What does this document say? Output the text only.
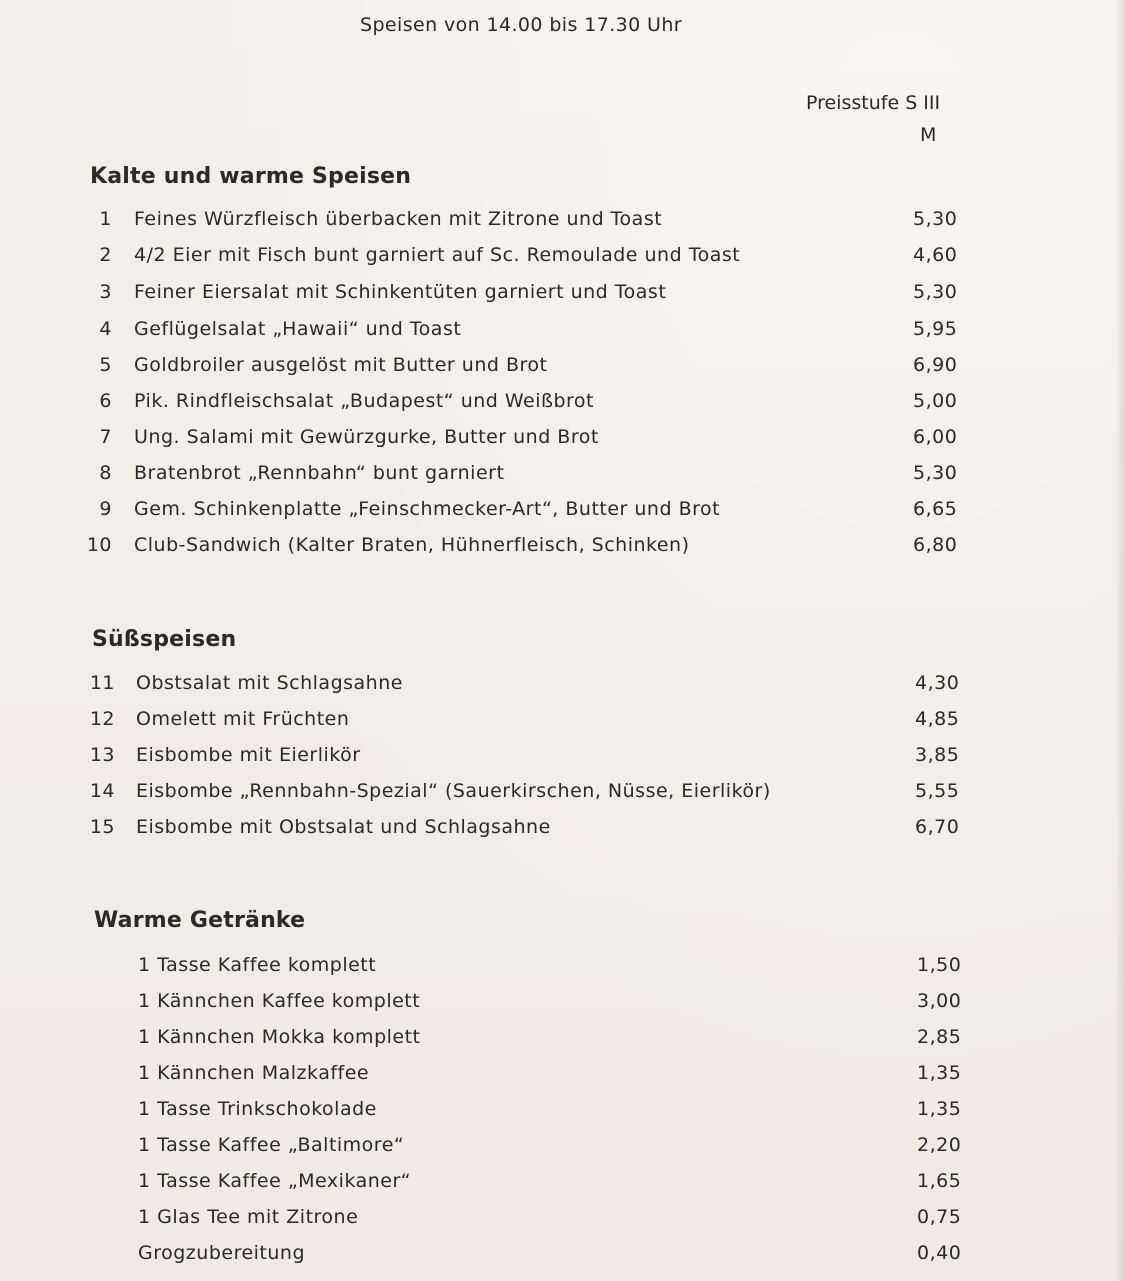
Speisen von 14.00 bis 17.30 Uhr
Preisstufe S III
M
Kalte und warme Speisen
1 Feines Würzfleisch überbacken mit Zitrone und Toast	5,30
2 4/2 Eier mit Fisch bunt garniert auf Sc. Remoulade und Toast	4,60
3 Feiner Eiersalat mit Schinkentüten garniert und Toast	5,30
4 Geflügelsalat „Hawaii“ und Toast	5,95
5 Goldbroiler ausgelöst mit Butter und Brot	6,90
6 Pik. Rindfleischsalat „Budapest“ und Weißbrot	5,00
7 Ung. Salami mit Gewürzgurke, Butter und Brot	6,00
8 Bratenbrot „Rennbahn“ bunt garniert	5,30
9 Gem. Schinkenplatte „Feinschmecker-Art“, Butter und Brot	6,65
10 Club-Sandwich (Kalter Braten, Hühnerfleisch, Schinken)	6,80
Süßspeisen
11 Obstsalat mit Schlagsahne	4,30
12 Omelett mit Früchten	4,85
13 Eisbombe mit Eierlikör	3,85
14 Eisbombe „Rennbahn-Spezial“ (Sauerkirschen, Nüsse, Eierlikör)	5,55
15 Eisbombe mit Obstsalat und Schlagsahne	6,70
Warme Getränke
1 Tasse Kaffee komplett	1,50
1 Kännchen Kaffee komplett	3,00
1 Kännchen Mokka komplett	2,85
1 Kännchen Malzkaffee	1,35
1 Tasse Trinkschokolade	1,35
1 Tasse Kaffee „Baltimore“	2,20
1 Tasse Kaffee „Mexikaner“	1,65
1 Glas Tee mit Zitrone	0,75
Grogzubereitung	0,40
